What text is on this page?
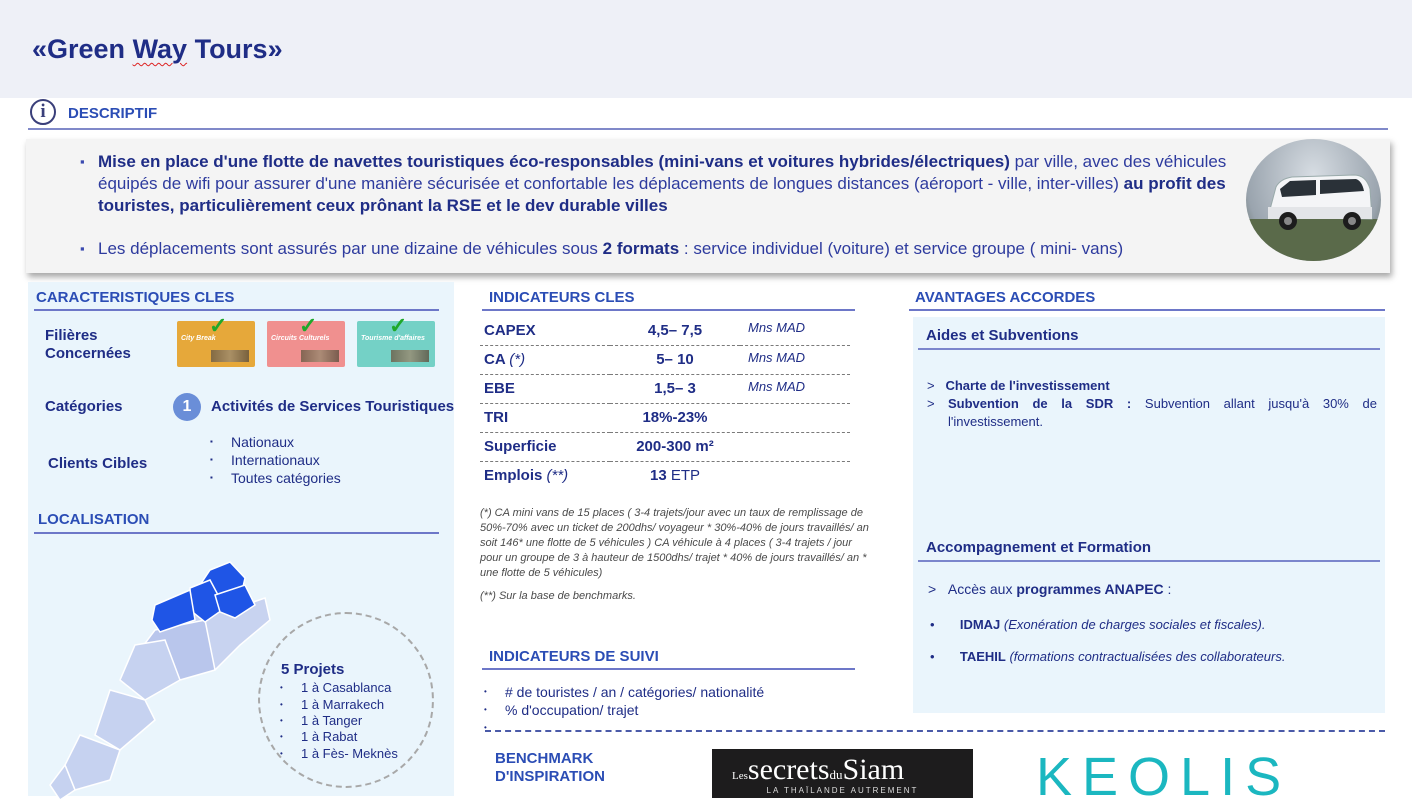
«Green Way Tours»
i	DESCRIPTIF
▪ Mise en place d'une flotte de navettes touristiques éco-responsables (mini-vans et voitures hybrides/électriques) par ville, avec des véhicules équipés de wifi pour assurer d'une manière sécurisée et confortable les déplacements de longues distances (aéroport - ville, inter-villes) au profit des touristes, particulièrement ceux prônant la RSE et le dev durable villes
▪ Les déplacements sont assurés par une dizaine de véhicules sous 2 formats : service individuel (voiture) et service groupe ( mini- vans)
CARACTERISTIQUES CLES
Filières Concernées
City Break
✓
Circuits Culturels
✓
Tourisme d'affaires
✓
Catégories	1	Activités de Services Touristiques
Clients Cibles
▪ Nationaux
▪ Internationaux
▪ Toutes catégories
LOCALISATION
5 Projets
• 1 à Casablanca
• 1 à Marrakech
• 1 à Tanger
• 1 à Rabat
• 1 à Fès- Meknès
INDICATEURS CLES
CAPEX	4,5– 7,5	Mns MAD
CA (*)	5– 10	Mns MAD
EBE	1,5– 3	Mns MAD
TRI	18%-23%	
Superficie	200-300 m²	
Emplois (**)	13 ETP	
(*) CA mini vans de 15 places ( 3-4 trajets/jour avec un taux de remplissage de 50%-70% avec un ticket de 200dhs/ voyageur * 30%-40% de jours travaillés/ an soit 146* une flotte de 5 véhicules ) CA véhicule à 4 places ( 3-4 trajets / jour pour un groupe de 3 à hauteur de 1500dhs/ trajet * 40% de jours travaillés/ an * une flotte de 5 véhicules)
(**) Sur la base de benchmarks.
INDICATEURS DE SUIVI
• # de touristes / an / catégories/ nationalité
• % d'occupation/ trajet
•
AVANTAGES ACCORDES
Aides et Subventions
>   Charte de l'investissement
> Subvention de la SDR : Subvention allant jusqu'à 30% de l'investissement.
Accompagnement et Formation
>   Accès aux programmes ANAPEC :
•       IDMAJ (Exonération de charges sociales et fiscales).
•       TAEHIL (formations contractualisées des collaborateurs.
BENCHMARK D'INSPIRATION	LessecretsduSiam
LA THAÏLANDE AUTREMENT	KEOLIS
